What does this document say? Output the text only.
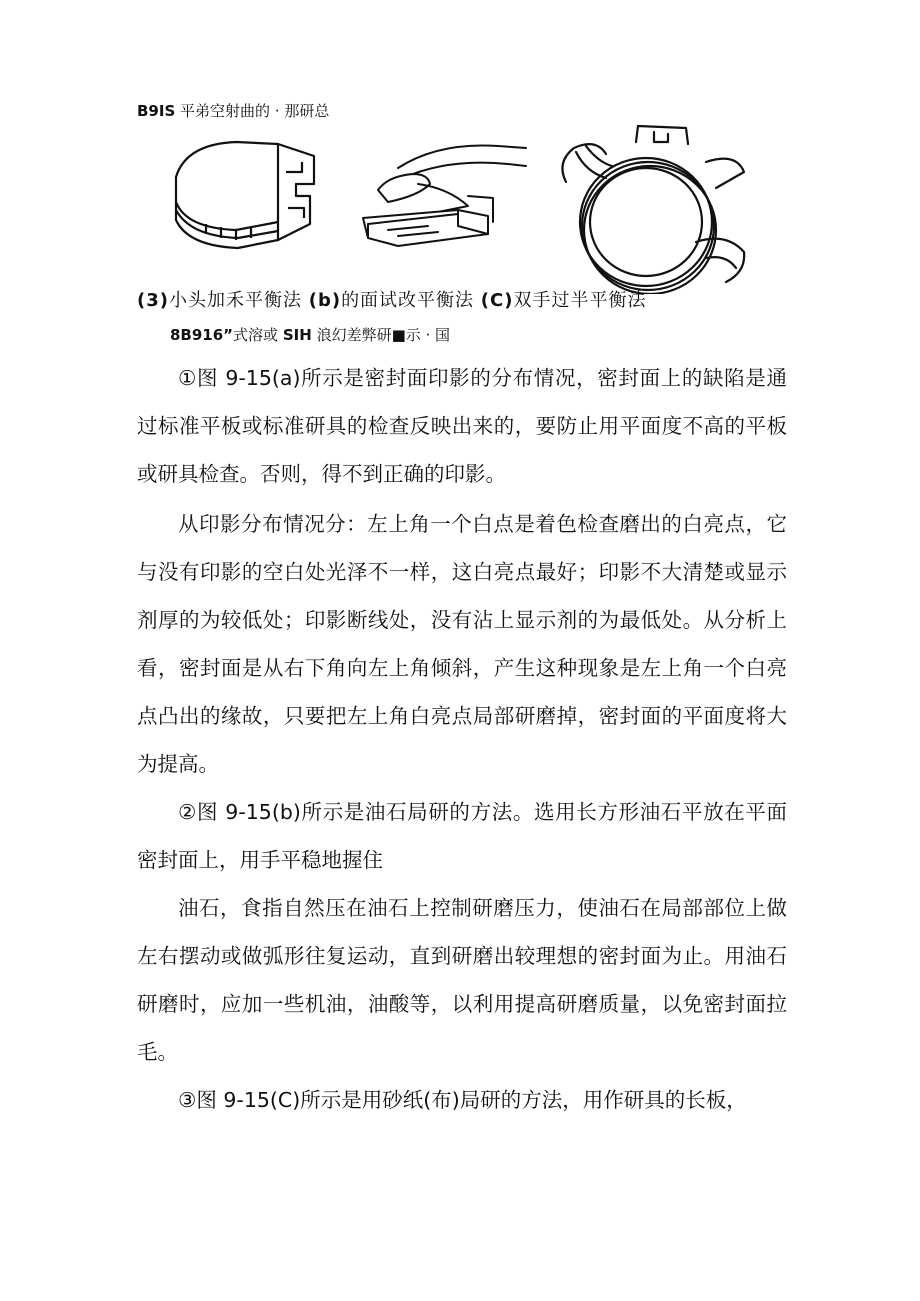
B9IS 平弟空射曲的 · 那研总
(3)小头加禾平衡法 (b)的面试改平衡法 (C)双手过半平衡法
8B916”式溶或 SIH 浪幻差弊研■示 · 国

①图 9-15(a)所示是密封面印影的分布情况，密封面上的缺陷是通过标准平板或标准研具的检查反映出来的，要防止用平面度不高的平板或研具检查。否则，得不到正确的印影。

从印影分布情况分：左上角一个白点是着色检查磨出的白亮点，它与没有印影的空白处光泽不一样，这白亮点最好；印影不大清楚或显示剂厚的为较低处；印影断线处，没有沾上显示剂的为最低处。从分析上看，密封面是从右下角向左上角倾斜，产生这种现象是左上角一个白亮点凸出的缘故，只要把左上角白亮点局部研磨掉，密封面的平面度将大为提高。

②图 9-15(b)所示是油石局研的方法。选用长方形油石平放在平面密封面上，用手平稳地握住

油石，食指自然压在油石上控制研磨压力，使油石在局部部位上做左右摆动或做弧形往复运动，直到研磨出较理想的密封面为止。用油石研磨时，应加一些机油，油酸等，以利用提高研磨质量，以免密封面拉毛。

③图 9-15(C)所示是用砂纸(布)局研的方法，用作研具的长板，
